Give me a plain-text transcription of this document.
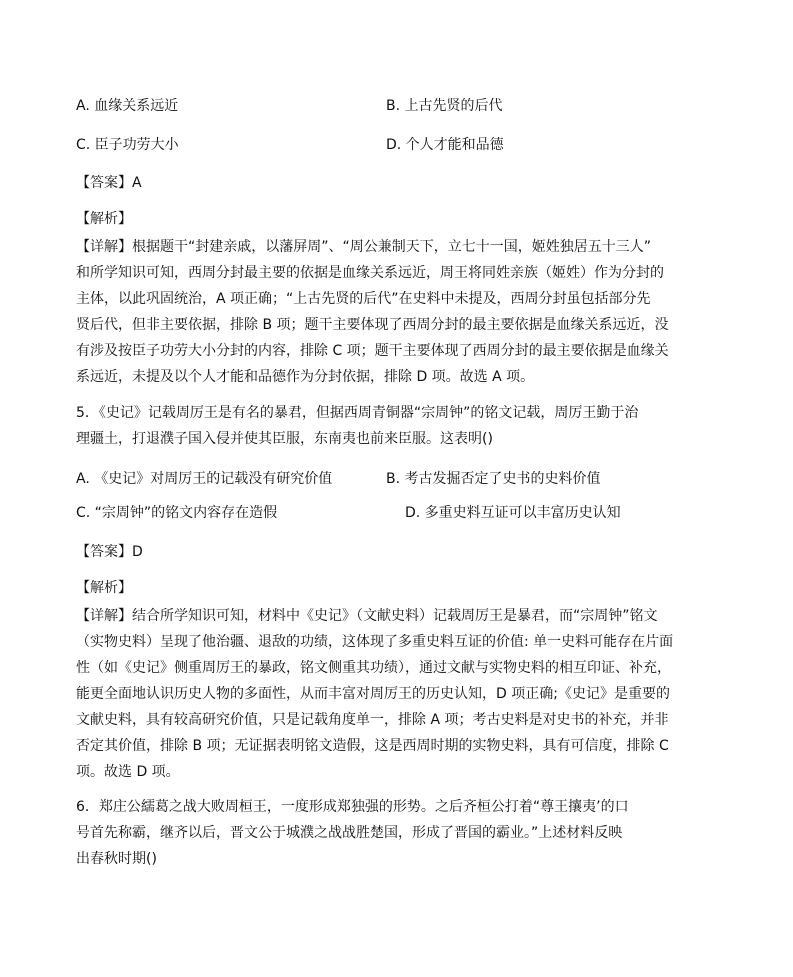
A. 血缘关系远近	B. 上古先贤的后代
C. 臣子功劳大小	D. 个人才能和品德
【答案】A
【解析】
【详解】根据题干“封建亲戚，以藩屏周”、“周公兼制天下，立七十一国，姬姓独居五十三人”
和所学知识可知，西周分封最主要的依据是血缘关系远近，周王将同姓亲族（姬姓）作为分封的
主体，以此巩固统治，A 项正确；“上古先贤的后代”在史料中未提及，西周分封虽包括部分先
贤后代，但非主要依据，排除 B 项；题干主要体现了西周分封的最主要依据是血缘关系远近，没
有涉及按臣子功劳大小分封的内容，排除 C 项；题干主要体现了西周分封的最主要依据是血缘关
系远近，未提及以个人才能和品德作为分封依据，排除 D 项。故选 A 项。
5．《史记》记载周厉王是有名的暴君，但据西周青铜器“宗周钟”的铭文记载，周厉王勤于治
理疆土，打退濮子国入侵并使其臣服，东南夷也前来臣服。这表明()
A. 《史记》对周厉王的记载没有研究价值	B. 考古发掘否定了史书的史料价值
C. “宗周钟”的铭文内容存在造假	D. 多重史料互证可以丰富历史认知
【答案】D
【解析】
【详解】结合所学知识可知，材料中《史记》（文献史料）记载周厉王是暴君，而“宗周钟”铭文
（实物史料）呈现了他治疆、退敌的功绩，这体现了多重史料互证的价值: 单一史料可能存在片面
性（如《史记》侧重周厉王的暴政，铭文侧重其功绩），通过文献与实物史料的相互印证、补充，
能更全面地认识历史人物的多面性，从而丰富对周厉王的历史认知，D 项正确;《史记》是重要的
文献史料，具有较高研究价值，只是记载角度单一，排除 A 项；考古史料是对史书的补充，并非
否定其价值，排除 B 项；无证据表明铭文造假，这是西周时期的实物史料，具有可信度，排除 C
项。故选 D 项。
6．郑庄公繻葛之战大败周桓王，一度形成郑独强的形势。之后齐桓公打着“尊王攘夷’的口
号首先称霸，继齐以后，晋文公于城濮之战战胜楚国，形成了晋国的霸业。”上述材料反映
出春秋时期()
